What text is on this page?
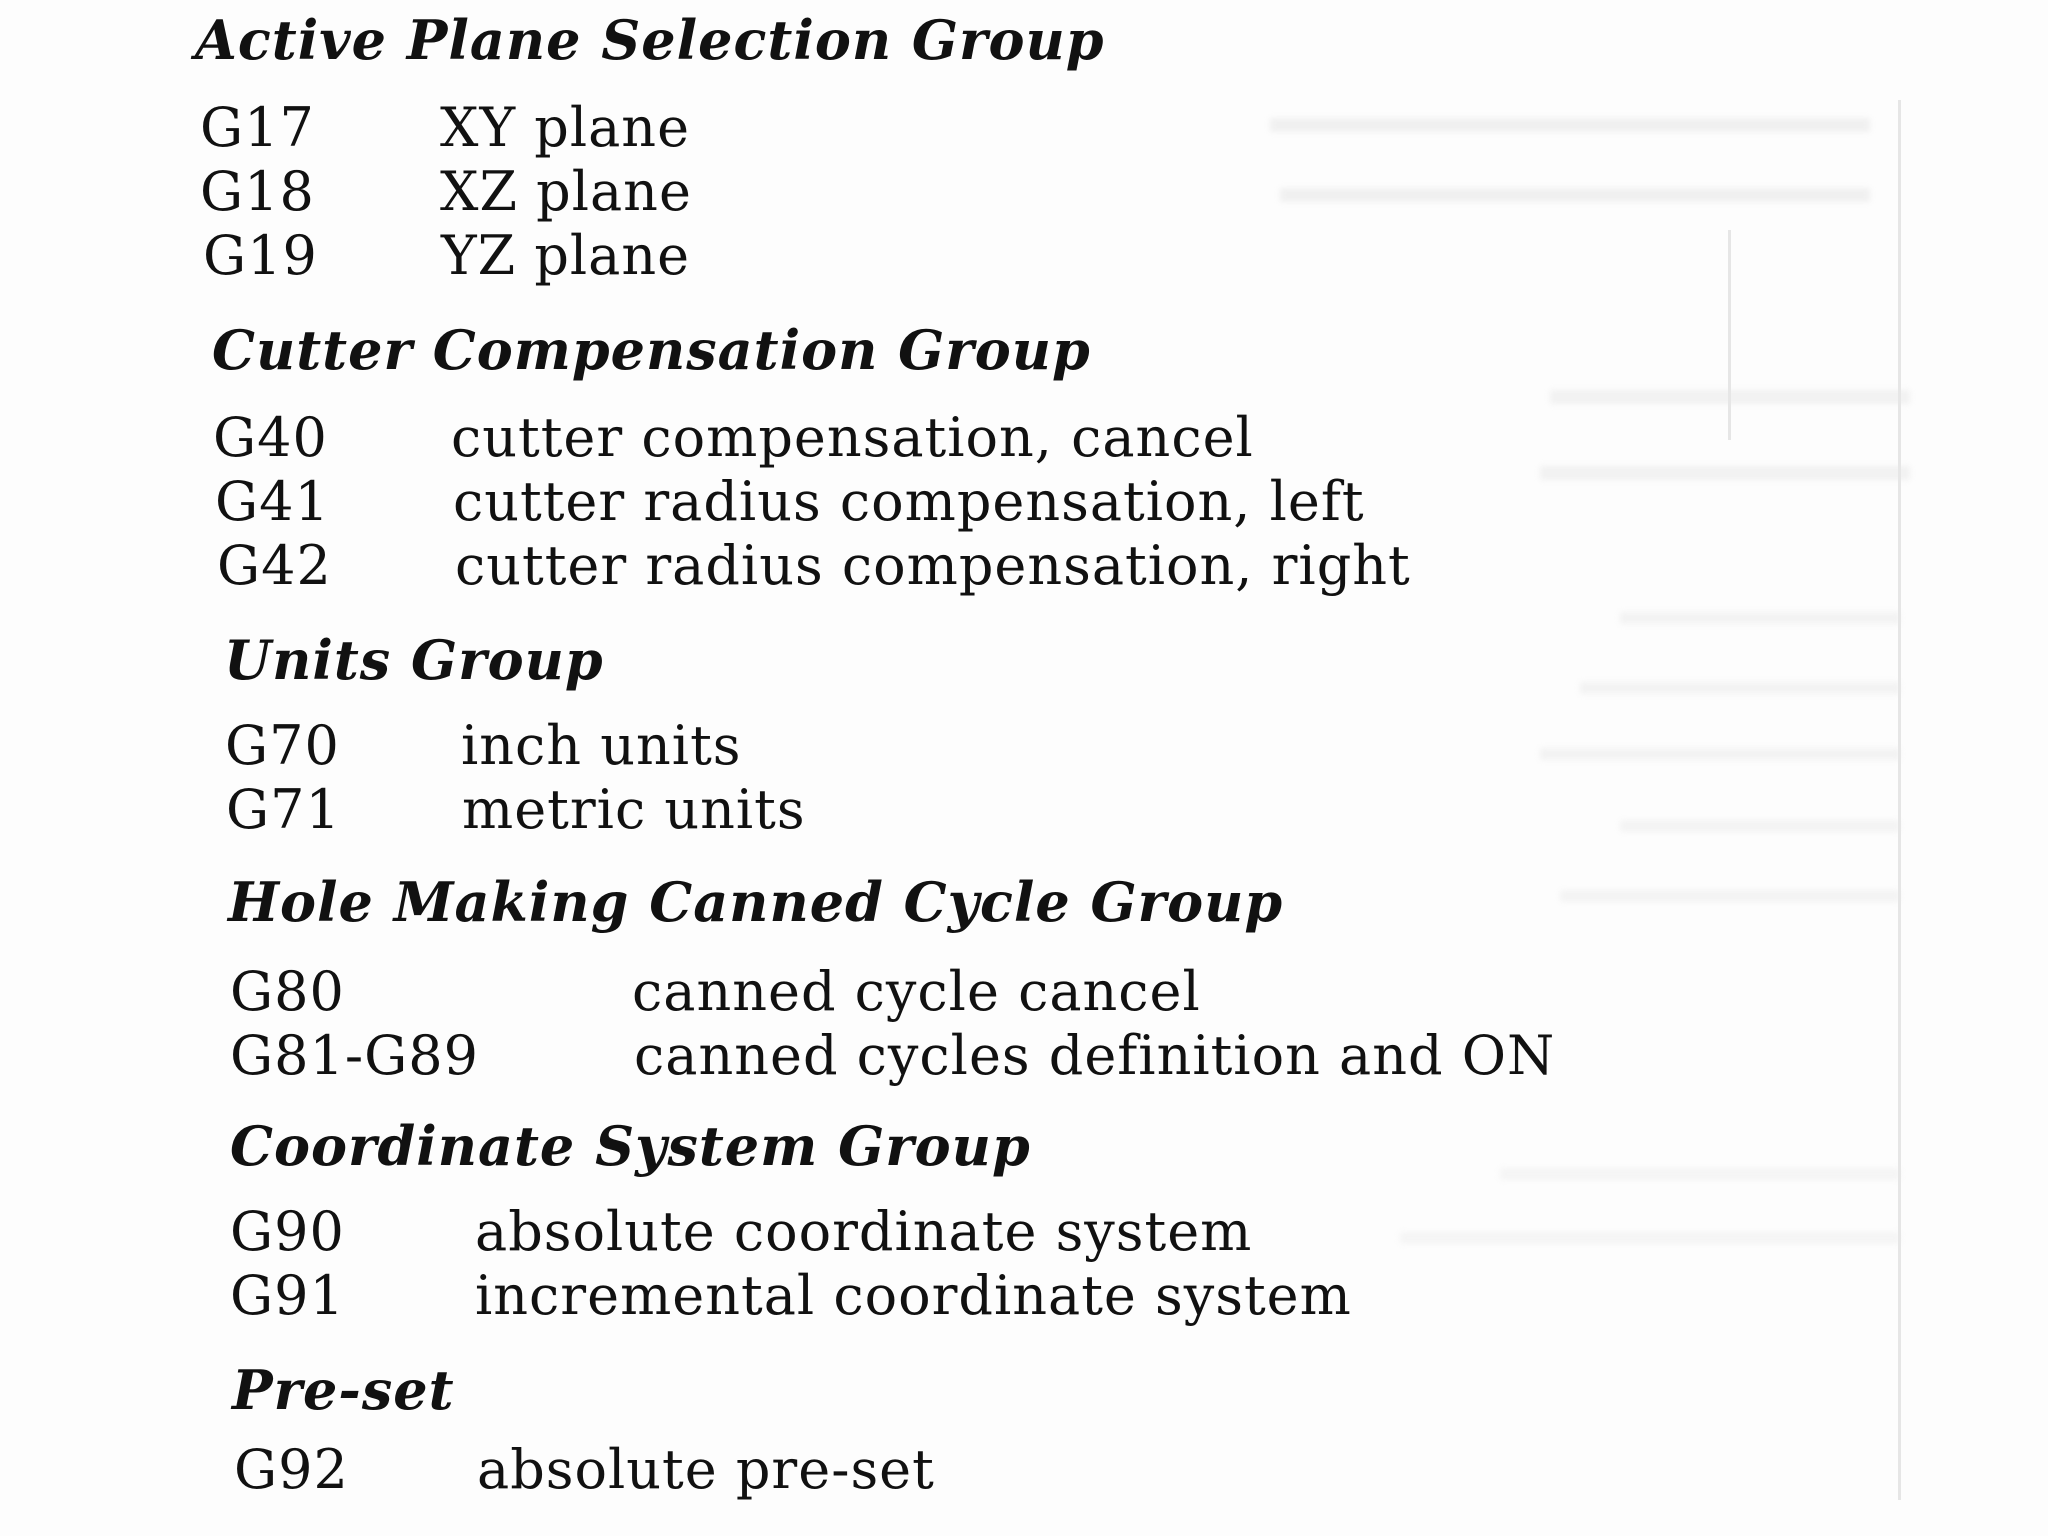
Active Plane Selection Group
G17 XY plane
G18 XZ plane
G19 YZ plane
Cutter Compensation Group
G40 cutter compensation, cancel
G41 cutter radius compensation, left
G42 cutter radius compensation, right
Units Group
G70 inch units
G71 metric units
Hole Making Canned Cycle Group
G80	canned cycle cancel
G81-G89	canned cycles definition and ON
Coordinate System Group
G90 absolute coordinate system
G91 incremental coordinate system
Pre-set
G92 absolute pre-set
